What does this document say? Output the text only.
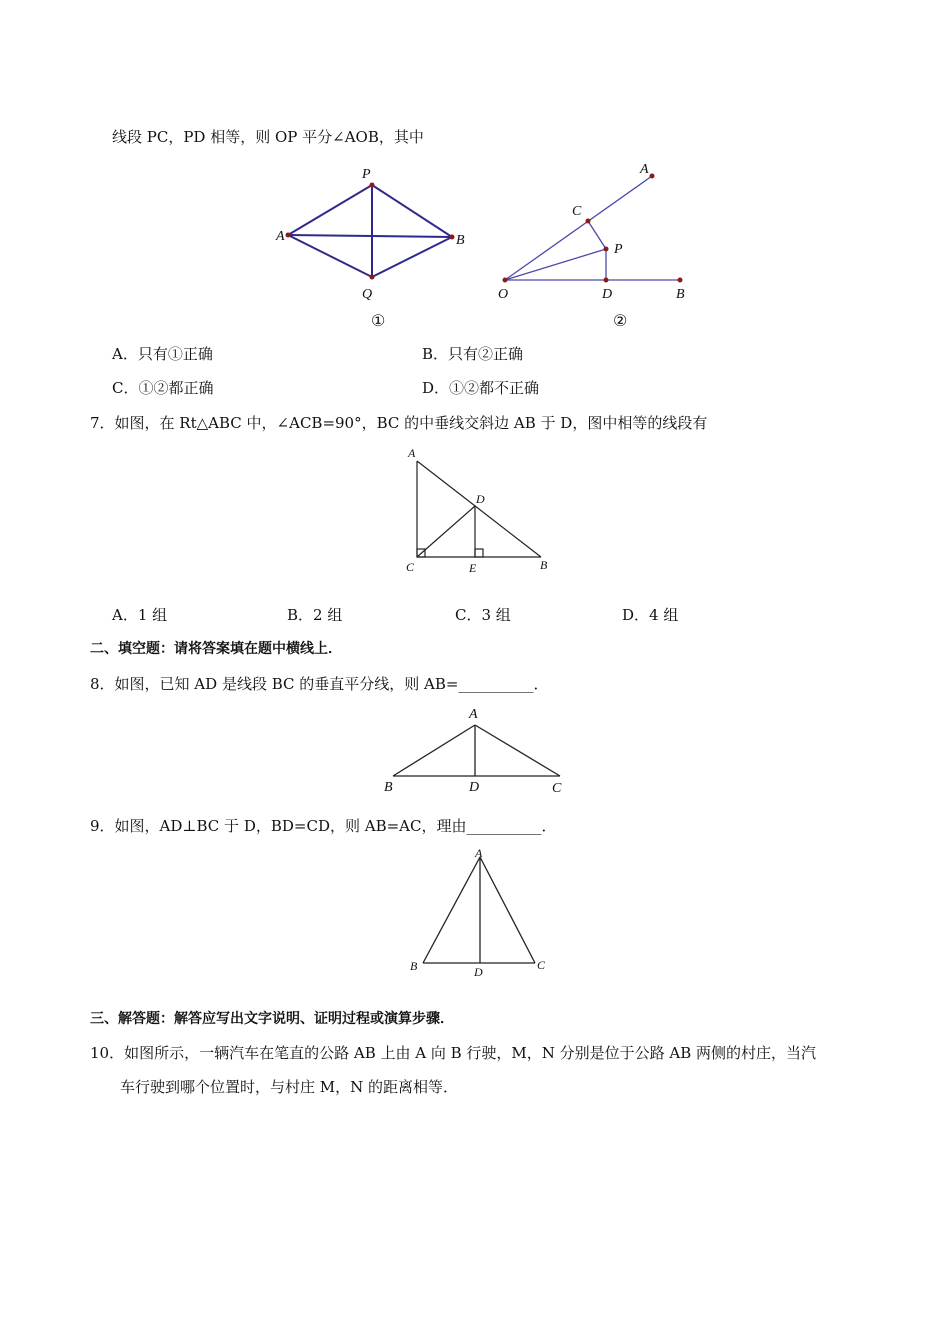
线段 PC，PD 相等，则 OP 平分∠AOB，其中
P
A	B
Q
①
A
C
P
O	D	B
②
A．只有①正确	B．只有②正确
C．①②都正确	D．①②都不正确
7．如图，在 Rt△ABC 中，∠ACB=90°，BC 的中垂线交斜边 AB 于 D，图中相等的线段有
A
D
C	E	B
A．1 组	B．2 组	C．3 组	D．4 组
二、填空题：请将答案填在题中横线上．
8．如图，已知 AD 是线段 BC 的垂直平分线，则 AB=__________．
A
B	D	C
9．如图，AD⊥BC 于 D，BD=CD，则 AB=AC，理由__________．
A
B	D	C
三、解答题：解答应写出文字说明、证明过程或演算步骤．
10．如图所示，一辆汽车在笔直的公路 AB 上由 A 向 B 行驶，M，N 分别是位于公路 AB 两侧的村庄，当汽
车行驶到哪个位置时，与村庄 M，N 的距离相等．
